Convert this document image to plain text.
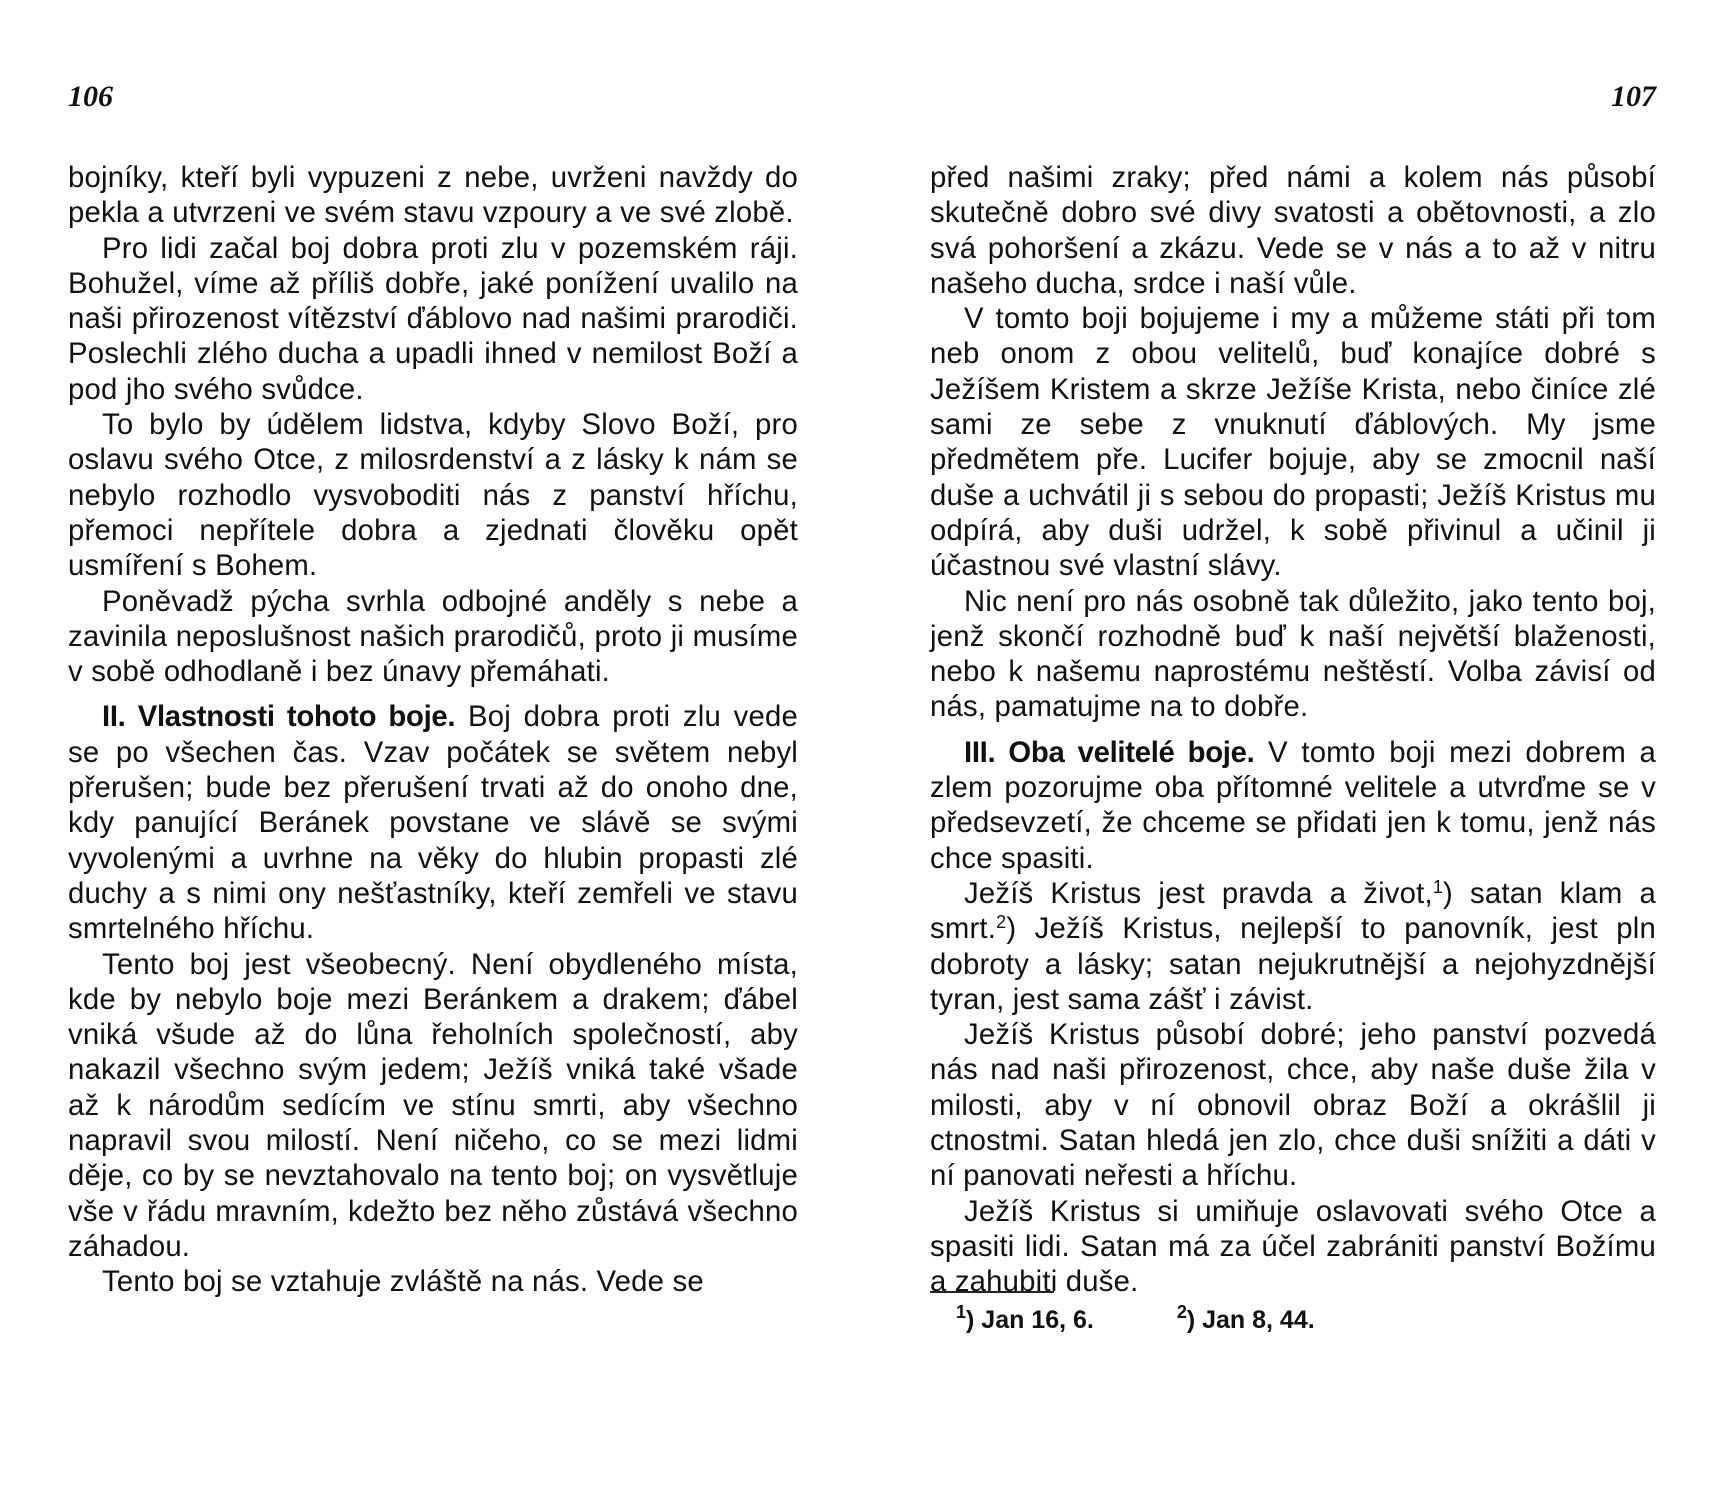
106

bojníky, kteří byli vypuzeni z nebe, uvrženi navždy do pekla a utvrzeni ve svém stavu vzpoury a ve své zlobě.

Pro lidi začal boj dobra proti zlu v pozemském ráji. Bohužel, víme až příliš dobře, jaké ponížení uvalilo na naši přirozenost vítězství ďáblovo nad našimi prarodiči. Poslechli zlého ducha a upadli ihned v nemilost Boží a pod jho svého svůdce.

To bylo by údělem lidstva, kdyby Slovo Boží, pro oslavu svého Otce, z milosrdenství a z lásky k nám se nebylo rozhodlo vysvoboditi nás z panství hříchu, přemoci nepřítele dobra a zjednati člověku opět usmíření s Bohem.

Poněvadž pýcha svrhla odbojné anděly s nebe a zavinila neposlušnost našich prarodičů, proto ji musíme v sobě odhodlaně i bez únavy přemáhati.

II. Vlastnosti tohoto boje. Boj dobra proti zlu vede se po všechen čas. Vzav počátek se světem nebyl přerušen; bude bez přerušení trvati až do onoho dne, kdy panující Beránek povstane ve slávě se svými vyvolenými a uvrhne na věky do hlubin propasti zlé duchy a s nimi ony nešťastníky, kteří zemřeli ve stavu smrtelného hříchu.

Tento boj jest všeobecný. Není obydleného místa, kde by nebylo boje mezi Beránkem a drakem; ďábel vniká všude až do lůna řeholních společností, aby nakazil všechno svým jedem; Ježíš vniká také všade až k národům sedícím ve stínu smrti, aby všechno napravil svou milostí. Není ničeho, co se mezi lidmi děje, co by se nevztahovalo na tento boj; on vysvětluje vše v řádu mravním, kdežto bez něho zůstává všechno záhadou.

Tento boj se vztahuje zvláště na nás. Vede se

107

před našimi zraky; před námi a kolem nás působí skutečně dobro své divy svatosti a obětovnosti, a zlo svá pohoršení a zkázu. Vede se v nás a to až v nitru našeho ducha, srdce i naší vůle.

V tomto boji bojujeme i my a můžeme státi při tom neb onom z obou velitelů, buď konajíce dobré s Ježíšem Kristem a skrze Ježíše Krista, nebo činíce zlé sami ze sebe z vnuknutí ďáblových. My jsme předmětem pře. Lucifer bojuje, aby se zmocnil naší duše a uchvátil ji s sebou do propasti; Ježíš Kristus mu odpírá, aby duši udržel, k sobě přivinul a učinil ji účastnou své vlastní slávy.

Nic není pro nás osobně tak důležito, jako tento boj, jenž skončí rozhodně buď k naší největší blaženosti, nebo k našemu naprostému neštěstí. Volba závisí od nás, pamatujme na to dobře.

III. Oba velitelé boje. V tomto boji mezi dobrem a zlem pozorujme oba přítomné velitele a utvrďme se v předsevzetí, že chceme se přidati jen k tomu, jenž nás chce spasiti.

Ježíš Kristus jest pravda a život,$^1$) satan klam a smrt.$^2$) Ježíš Kristus, nejlepší to panovník, jest pln dobroty a lásky; satan nejukrutnější a nejohyzdnější tyran, jest sama zášť i závist.

Ježíš Kristus působí dobré; jeho panství pozvedá nás nad naši přirozenost, chce, aby naše duše žila v milosti, aby v ní obnovil obraz Boží a okrášlil ji ctnostmi. Satan hledá jen zlo, chce duši snížiti a dáti v ní panovati neřesti a hříchu.

Ježíš Kristus si umiňuje oslavovati svého Otce a spasiti lidi. Satan má za účel zabrániti panství Božímu a zahubiti duše.

$^1$) Jan 16, 6.	$^2$) Jan 8, 44.
